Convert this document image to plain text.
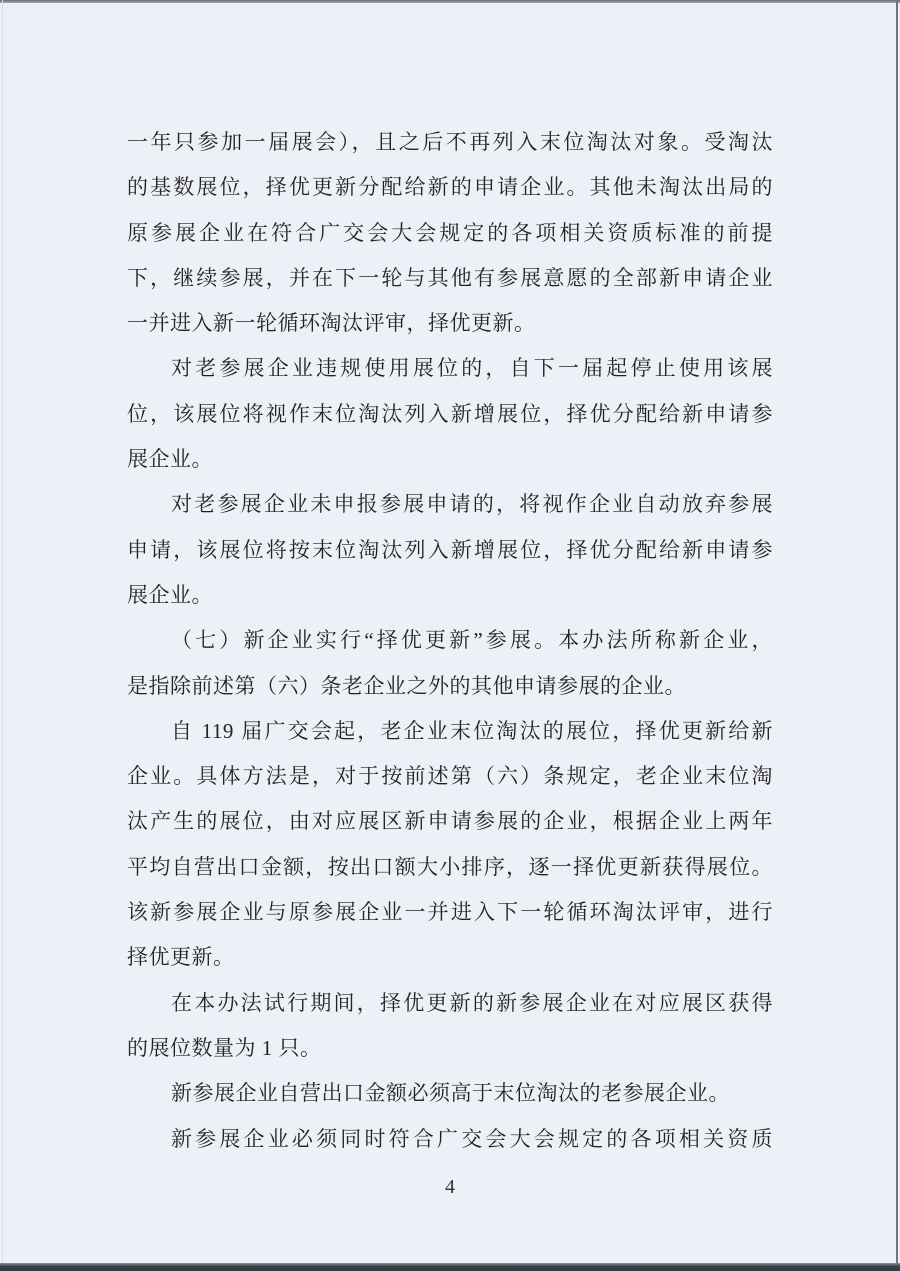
一年只参加一届展会），且之后不再列入末位淘汰对象。受淘汰
的基数展位，择优更新分配给新的申请企业。其他未淘汰出局的
原参展企业在符合广交会大会规定的各项相关资质标准的前提
下，继续参展，并在下一轮与其他有参展意愿的全部新申请企业
一并进入新一轮循环淘汰评审，择优更新。
对老参展企业违规使用展位的，自下一届起停止使用该展
位，该展位将视作末位淘汰列入新增展位，择优分配给新申请参
展企业。
对老参展企业未申报参展申请的，将视作企业自动放弃参展
申请，该展位将按末位淘汰列入新增展位，择优分配给新申请参
展企业。
（七）新企业实行“择优更新”参展。本办法所称新企业，
是指除前述第（六）条老企业之外的其他申请参展的企业。
自 119 届广交会起，老企业末位淘汰的展位，择优更新给新
企业。具体方法是，对于按前述第（六）条规定，老企业末位淘
汰产生的展位，由对应展区新申请参展的企业，根据企业上两年
平均自营出口金额，按出口额大小排序，逐一择优更新获得展位。
该新参展企业与原参展企业一并进入下一轮循环淘汰评审，进行
择优更新。
在本办法试行期间，择优更新的新参展企业在对应展区获得
的展位数量为 1 只。
新参展企业自营出口金额必须高于末位淘汰的老参展企业。
新参展企业必须同时符合广交会大会规定的各项相关资质
4
